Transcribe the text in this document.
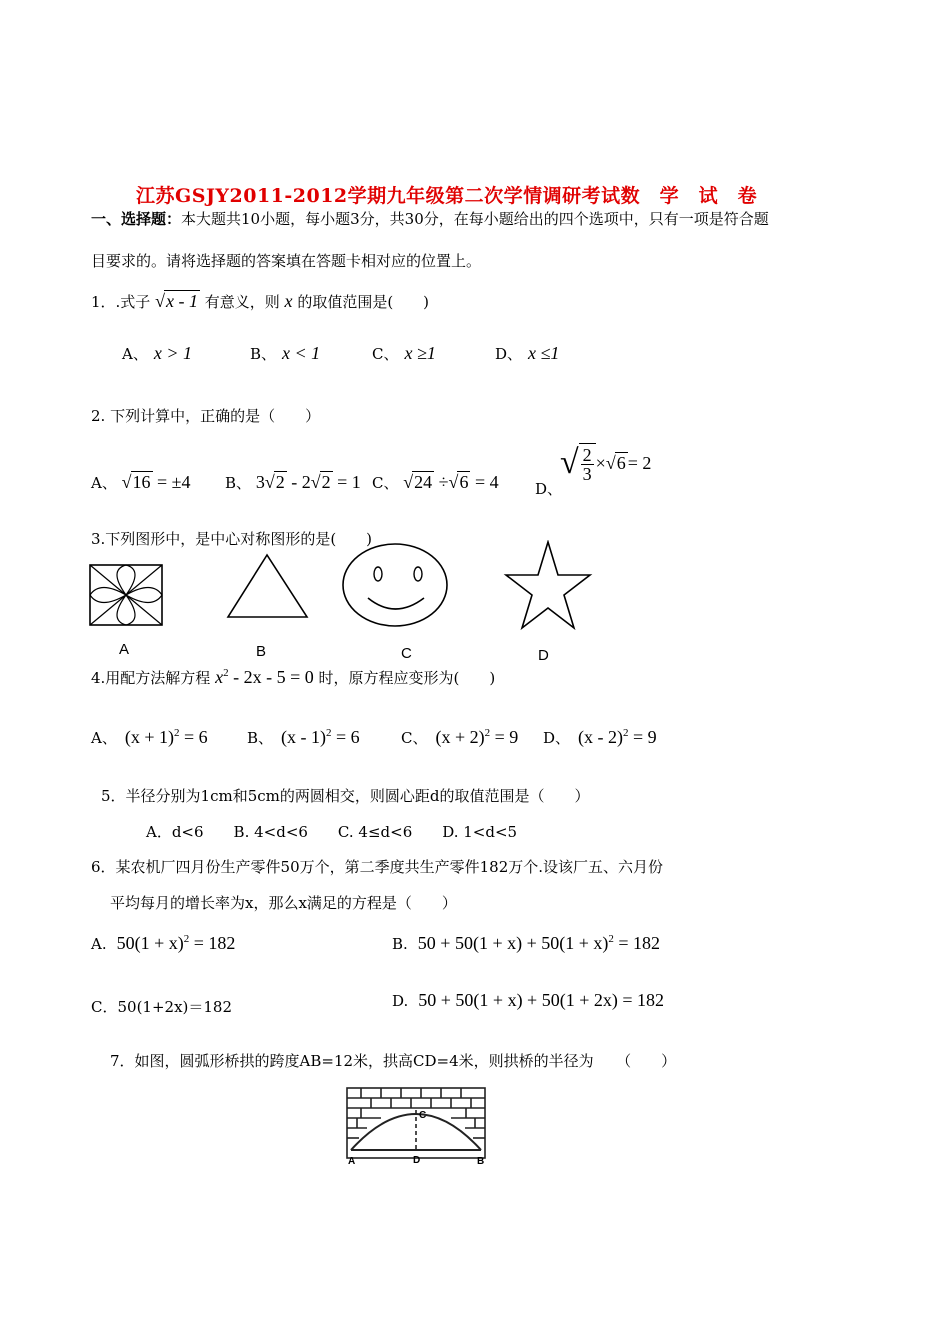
江苏GSJY2011-2012学期九年级第二次学情调研考试数　学　试　卷
一、选择题：本大题共10小题，每小题3分，共30分，在每小题给出的四个选项中，只有一项是符合题
目要求的。请将选择题的答案填在答题卡相对应的位置上。
1．.式子 √x - 1 有意义，则 x 的取值范围是(　　)
A、 x > 1	B、 x < 1	C、 x ≥1	D、 x ≤1
2. 下列计算中，正确的是（　　）
A、 √16 = ±4 B、 3√2 - 2√2 = 1 C、 √24 ÷√6 = 4 D、
√ $\frac{2}{3}$ × √ 6 = 2
3.下列图形中，是中心对称图形的是(　　)
A	B	C	D
4.用配方法解方程 $x^2 - 2x - 5 = 0$ 时，原方程应变形为(　　)
A、 $(x + 1)^2 = 6$	B、 (x - 1)$^2$ = 6	C、 $(x + 2)^2 = 9$ D、 (x - 2)$^2$ = 9
5．半径分别为1cm和5cm的两圆相交，则圆心距d的取值范围是（　　）
A．d<6　　B. 4<d<6　　C. 4≤d<6　　D. 1<d<5
6．某农机厂四月份生产零件50万个，第二季度共生产零件182万个.设该厂五、六月份
平均每月的增长率为x，那么x满足的方程是（　　）
A. $50(1 + x)^2 = 182$	B. $50 + 50(1 + x) + 50(1 + x)^2 = 182$
C．50(1+2x)＝182	D. 50 + 50(1 + x) + 50(1 + 2x) = 182
7．如图，圆弧形桥拱的跨度AB=12米，拱高CD=4米，则拱桥的半径为　　（　　）
A	B
C
D
